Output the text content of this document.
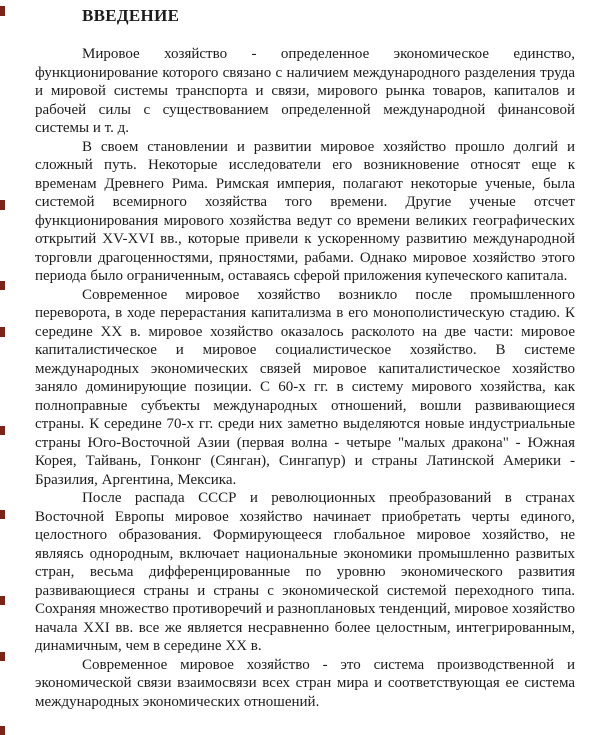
ВВЕДЕНИЕ

Мировое хозяйство - определенное экономическое единство, функционирование которого связано с наличием международного разделения труда и мировой системы транспорта и связи, мирового рынка товаров, капиталов и рабочей силы с существованием определенной международной финансовой системы и т. д.

В своем становлении и развитии мировое хозяйство прошло долгий и сложный путь. Некоторые исследователи его возникновение относят еще к временам Древнего Рима. Римская империя, полагают некоторые ученые, была системой всемирного хозяйства того времени. Другие ученые отсчет функционирования мирового хозяйства ведут со времени великих географических открытий XV-XVI вв., которые привели к ускоренному развитию международной торговли драгоценностями, пряностями, рабами. Однако мировое хозяйство этого периода было ограниченным, оставаясь сферой приложения купеческого капитала.

Современное мировое хозяйство возникло после промышленного переворота, в ходе перерастания капитализма в его монополистическую стадию. К середине XX в. мировое хозяйство оказалось расколото на две части: мировое капиталистическое и мировое социалистическое хозяйство. В системе международных экономических связей мировое капиталистическое хозяйство заняло доминирующие позиции. С 60-х гг. в систему мирового хозяйства, как полноправные субъекты международных отношений, вошли развивающиеся страны. К середине 70-х гг. среди них заметно выделяются новые индустриальные страны Юго-Восточной Азии (первая волна - четыре "малых дракона" - Южная Корея, Тайвань, Гонконг (Сянган), Сингапур) и страны Латинской Америки - Бразилия, Аргентина, Мексика.

После распада СССР и революционных преобразований в странах Восточной Европы мировое хозяйство начинает приобретать черты единого, целостного образования. Формирующееся глобальное мировое хозяйство, не являясь однородным, включает национальные экономики промышленно развитых стран, весьма дифференцированные по уровню экономического развития развивающиеся страны и страны с экономической системой переходного типа. Сохраняя множество противоречий и разноплановых тенденций, мировое хозяйство начала XXI вв. все же является несравненно более целостным, интегрированным, динамичным, чем в середине XX в.

Современное мировое хозяйство - это система производственной и экономической связи взаимосвязи всех стран мира и соответствующая ее система международных экономических отношений.
